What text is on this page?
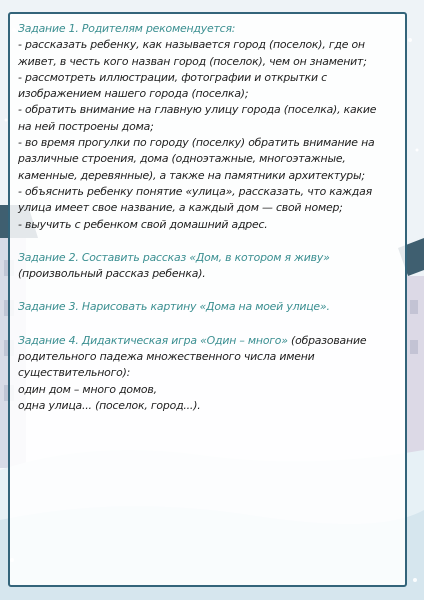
Задание 1. Родителям рекомендуется:

- рассказать ребенку, как называется город (поселок), где он живет, в честь кого назван город (поселок), чем он знаменит;

- рассмотреть иллюстрации, фотографии и открытки с изображением нашего города (поселка);

- обратить внимание на главную улицу города (поселка), какие на ней построены дома;

- во время прогулки по городу (поселку) обратить внимание на различные строения, дома (одноэтажные, многоэтажные, каменные, деревянные), а также на памятники архитектуры;

- объяснить ребенку понятие «улица», рассказать, что каждая улица имеет свое название, а каждый дом — свой номер;

- выучить с ребенком свой домашний адрес.

Задание 2. Составить рассказ «Дом, в котором я живу» (произвольный рассказ ребенка).

Задание 3. Нарисовать картину «Дома на моей улице».

Задание 4. Дидактическая игра «Один – много» (образование родительного падежа множественного числа имени существительного):

один дом – много домов,

одна улица... (поселок, город...).
